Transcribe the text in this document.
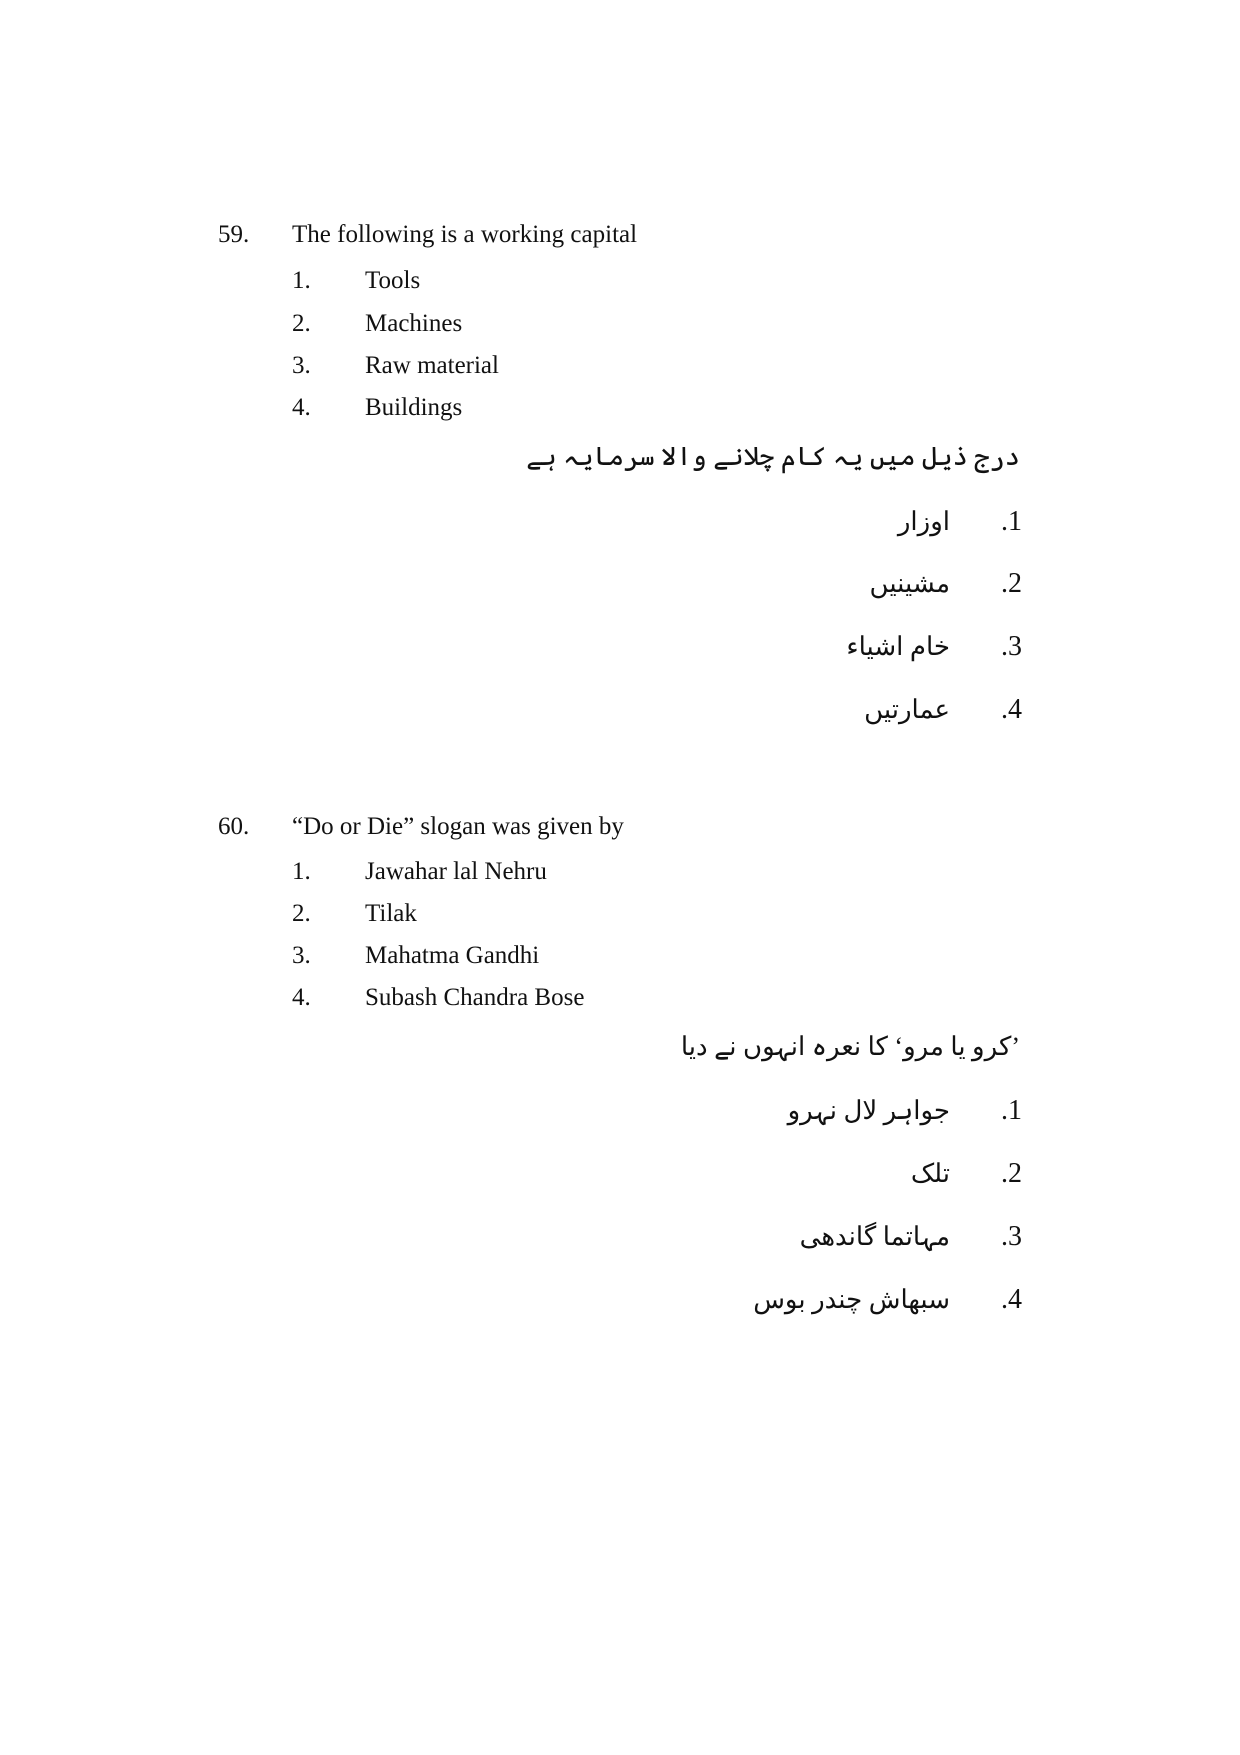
59. The following is a working capital
1. Tools
2. Machines
3. Raw material
4. Buildings
درج ذیل میں یہ کام چلانے والا سرمایہ ہے
.1
اوزار
.2
مشینیں
.3
خام اشیاء
.4
عمارتیں
60. “Do or Die” slogan was given by
1. Jawahar lal Nehru
2. Tilak
3. Mahatma Gandhi
4. Subash Chandra Bose
’کرو یا مرو‘ کا نعرہ انہوں نے دیا
.1
جواہر لال نہرو
.2
تلک
.3
مہاتما گاندھی
.4
سبھاش چندر بوس
